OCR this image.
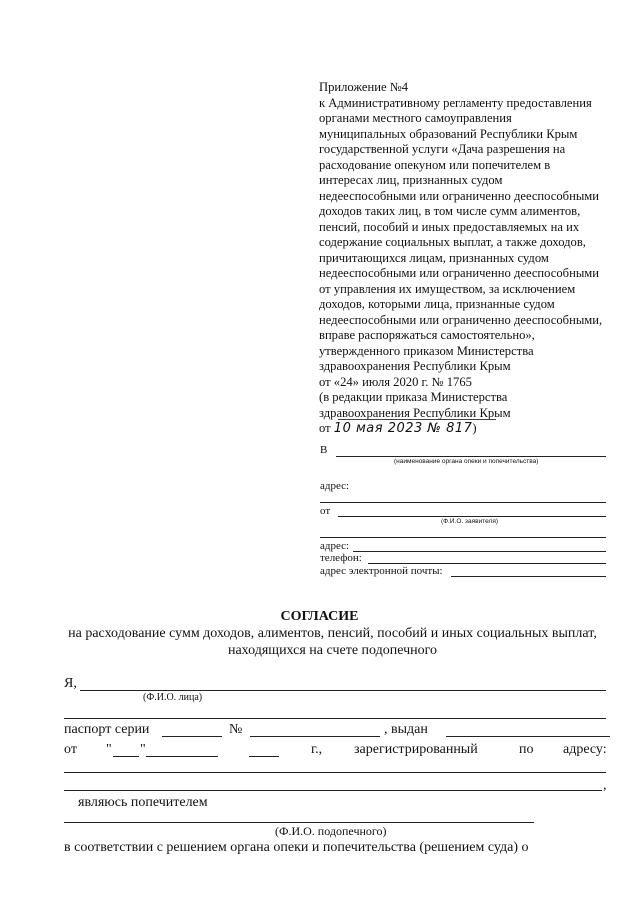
Приложение №4
к Административному регламенту предоставления
органами местного самоуправления
муниципальных образований Республики Крым
государственной услуги «Дача разрешения на
расходование опекуном или попечителем в
интересах лиц, признанных судом
недееспособными или ограниченно дееспособными
доходов таких лиц, в том числе сумм алиментов,
пенсий, пособий и иных предоставляемых на их
содержание социальных выплат, а также доходов,
причитающихся лицам, признанных судом
недееспособными или ограниченно дееспособными
от управления их имуществом, за исключением
доходов, которыми лица, признанные судом
недееспособными или ограниченно дееспособными,
вправе распоряжаться самостоятельно»,
утвержденного приказом Министерства
здравоохранения Республики Крым
от «24» июля 2020 г. № 1765
(в редакции приказа Министерства
здравоохранения Республики Крым
от 10 мая 2023 № 817)
В
(наименование органа опеки и попечительства)
адрес:
от
(Ф.И.О. заявителя)
адрес:
телефон:
адрес электронной почты:
СОГЛАСИЕ
на расходование сумм доходов, алиментов, пенсий, пособий и иных социальных выплат, находящихся на счете подопечного
Я,
(Ф.И.О. лица)
паспорт серии	№	, выдан
от " "	г., зарегистрированный	по адресу:
,
являюсь попечителем
(Ф.И.О. подопечного)
в соответствии с решением органа опеки и попечительства (решением суда) о
